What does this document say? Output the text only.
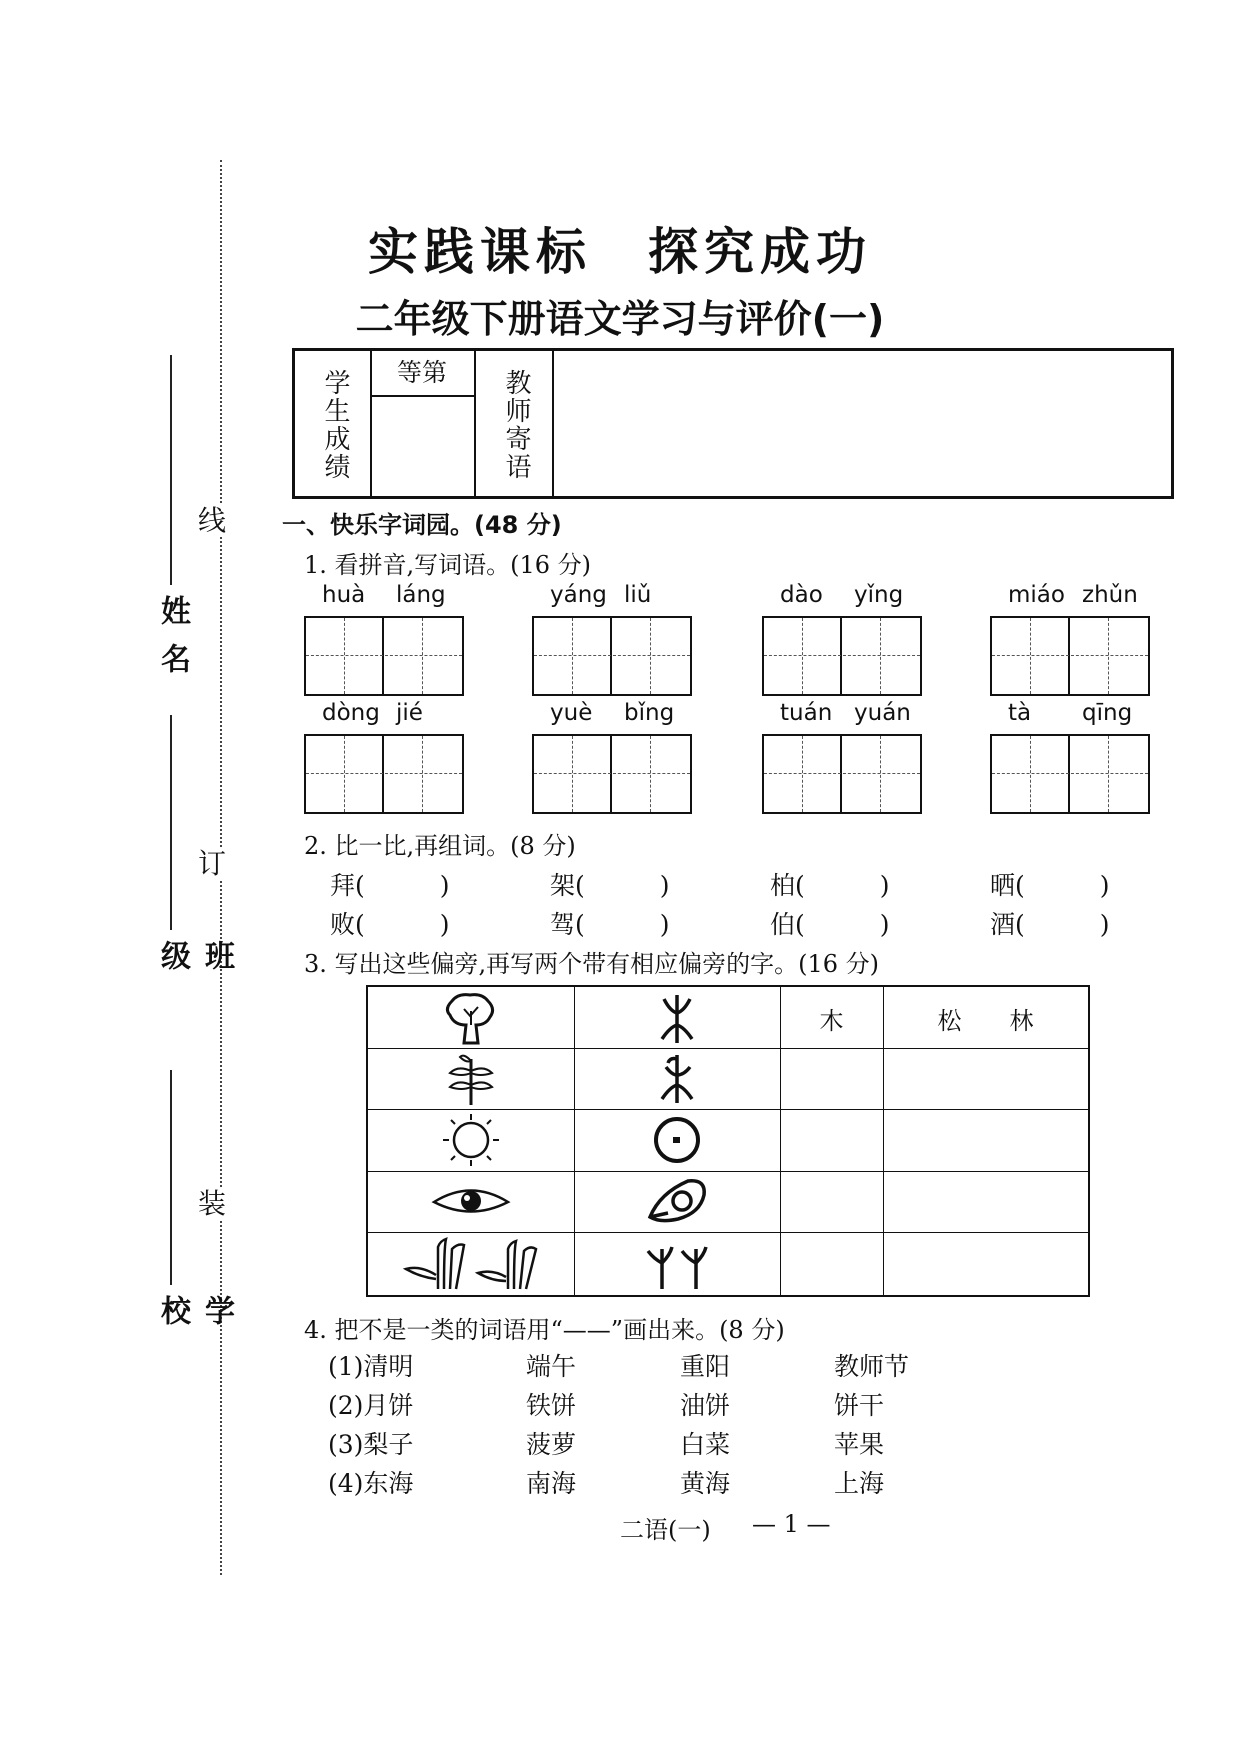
线
订
装
姓名
班级
学校
实践课标　探究成功
二年级下册语文学习与评价(一)
学生成绩	等第	教师寄语
一、快乐字词园。(48 分)
1. 看拼音,写词语。(16 分)
huà láng	yáng liǔ	dào yǐng	miáo zhǔn
dòng jié	yuè bǐng	tuán yuán	tà qīng
2. 比一比,再组词。(8 分)
拜(　　　)	架(　　　)	柏(　　　)	晒(　　　)
败(　　　)	驾(　　　)	伯(　　　)	酒(　　　)
3. 写出这些偏旁,再写两个带有相应偏旁的字。(16 分)
木	松　　林
4. 把不是一类的词语用“——”画出来。(8 分)
(1)清明	端午	重阳	教师节
(2)月饼	铁饼	油饼	饼干
(3)梨子	菠萝	白菜	苹果
(4)东海	南海	黄海	上海
二语(一) — 1 —
